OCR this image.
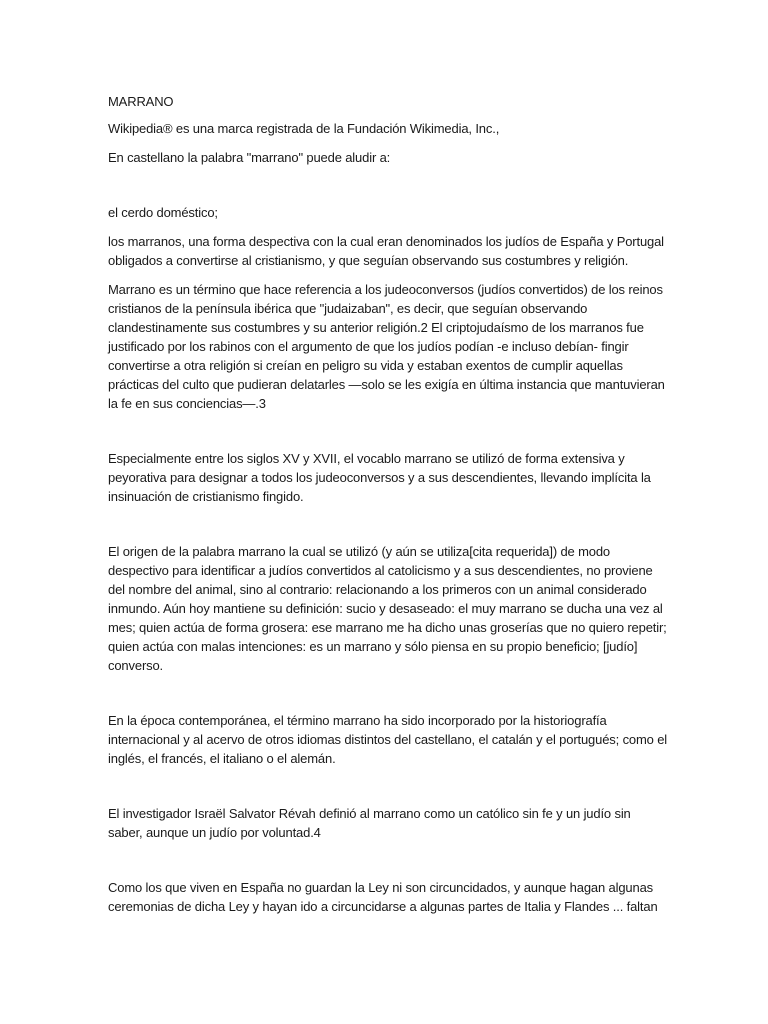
MARRANO

Wikipedia® es una marca registrada de la Fundación Wikimedia, Inc.,

En castellano la palabra "marrano" puede aludir a:

el cerdo doméstico;

los marranos, una forma despectiva con la cual eran denominados los judíos de España y Portugal obligados a convertirse al cristianismo, y que seguían observando sus costumbres y religión.

Marrano es un término que hace referencia a los judeoconversos (judíos convertidos) de los reinos cristianos de la península ibérica que "judaizaban", es decir, que seguían observando clandestinamente sus costumbres y su anterior religión.2 El criptojudaísmo de los marranos fue justificado por los rabinos con el argumento de que los judíos podían -e incluso debían- fingir convertirse a otra religión si creían en peligro su vida y estaban exentos de cumplir aquellas prácticas del culto que pudieran delatarles —solo se les exigía en última instancia que mantuvieran la fe en sus conciencias—.3

Especialmente entre los siglos XV y XVII, el vocablo marrano se utilizó de forma extensiva y peyorativa para designar a todos los judeoconversos y a sus descendientes, llevando implícita la insinuación de cristianismo fingido.

El origen de la palabra marrano la cual se utilizó (y aún se utiliza[cita requerida]) de modo despectivo para identificar a judíos convertidos al catolicismo y a sus descendientes, no proviene del nombre del animal, sino al contrario: relacionando a los primeros con un animal considerado inmundo. Aún hoy mantiene su definición: sucio y desaseado: el muy marrano se ducha una vez al mes; quien actúa de forma grosera: ese marrano me ha dicho unas groserías que no quiero repetir; quien actúa con malas intenciones: es un marrano y sólo piensa en su propio beneficio; [judío] converso.

En la época contemporánea, el término marrano ha sido incorporado por la historiografía internacional y al acervo de otros idiomas distintos del castellano, el catalán y el portugués; como el inglés, el francés, el italiano o el alemán.

El investigador Israël Salvator Révah definió al marrano como un católico sin fe y un judío sin saber, aunque un judío por voluntad.4

Como los que viven en España no guardan la Ley ni son circuncidados, y aunque hagan algunas ceremonias de dicha Ley y hayan ido a circuncidarse a algunas partes de Italia y Flandes ... faltan
